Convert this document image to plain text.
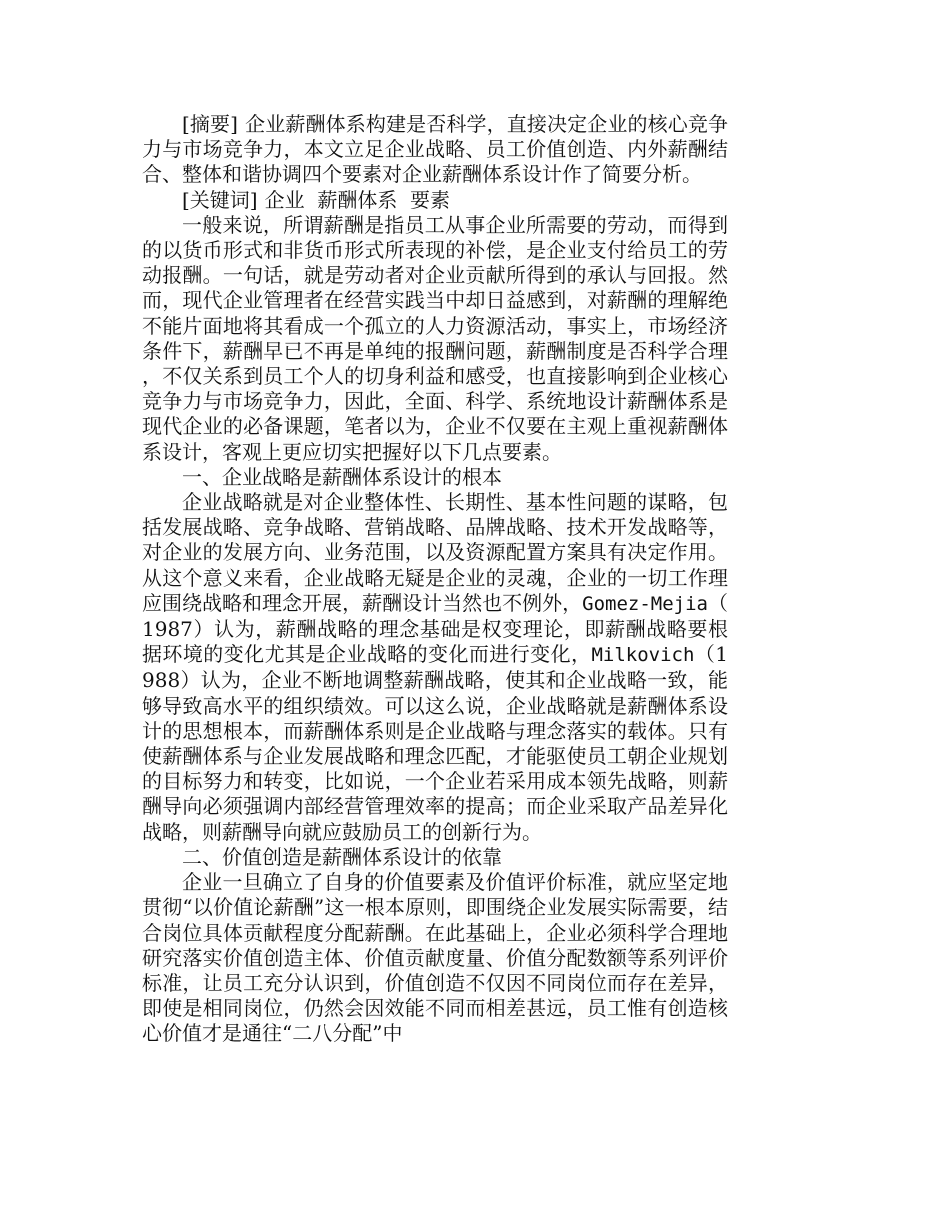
[摘要] 企业薪酬体系构建是否科学，直接决定企业的核心竞争力与市场竞争力，本文立足企业战略、员工价值创造、内外薪酬结合、整体和谐协调四个要素对企业薪酬体系设计作了简要分析。

[关键词] 企业  薪酬体系  要素

一般来说，所谓薪酬是指员工从事企业所需要的劳动，而得到的以货币形式和非货币形式所表现的补偿，是企业支付给员工的劳动报酬。一句话，就是劳动者对企业贡献所得到的承认与回报。然而，现代企业管理者在经营实践当中却日益感到，对薪酬的理解绝不能片面地将其看成一个孤立的人力资源活动，事实上，市场经济条件下，薪酬早已不再是单纯的报酬问题，薪酬制度是否科学合理，不仅关系到员工个人的切身利益和感受，也直接影响到企业核心竞争力与市场竞争力，因此，全面、科学、系统地设计薪酬体系是现代企业的必备课题，笔者以为，企业不仅要在主观上重视薪酬体系设计，客观上更应切实把握好以下几点要素。

一、企业战略是薪酬体系设计的根本

企业战略就是对企业整体性、长期性、基本性问题的谋略，包括发展战略、竞争战略、营销战略、品牌战略、技术开发战略等，对企业的发展方向、业务范围，以及资源配置方案具有决定作用。从这个意义来看，企业战略无疑是企业的灵魂，企业的一切工作理应围绕战略和理念开展，薪酬设计当然也不例外，Gomez-Mejia（1987）认为，薪酬战略的理念基础是权变理论，即薪酬战略要根据环境的变化尤其是企业战略的变化而进行变化，Milkovich（1988）认为，企业不断地调整薪酬战略，使其和企业战略一致，能够导致高水平的组织绩效。可以这么说，企业战略就是薪酬体系设计的思想根本，而薪酬体系则是企业战略与理念落实的载体。只有使薪酬体系与企业发展战略和理念匹配，才能驱使员工朝企业规划的目标努力和转变，比如说，一个企业若采用成本领先战略，则薪酬导向必须强调内部经营管理效率的提高；而企业采取产品差异化战略，则薪酬导向就应鼓励员工的创新行为。

二、价值创造是薪酬体系设计的依靠

企业一旦确立了自身的价值要素及价值评价标准，就应坚定地贯彻“以价值论薪酬”这一根本原则，即围绕企业发展实际需要，结合岗位具体贡献程度分配薪酬。在此基础上，企业必须科学合理地研究落实价值创造主体、价值贡献度量、价值分配数额等系列评价标准，让员工充分认识到，价值创造不仅因不同岗位而存在差异，即使是相同岗位，仍然会因效能不同而相差甚远，员工惟有创造核心价值才是通往“二八分配”中
